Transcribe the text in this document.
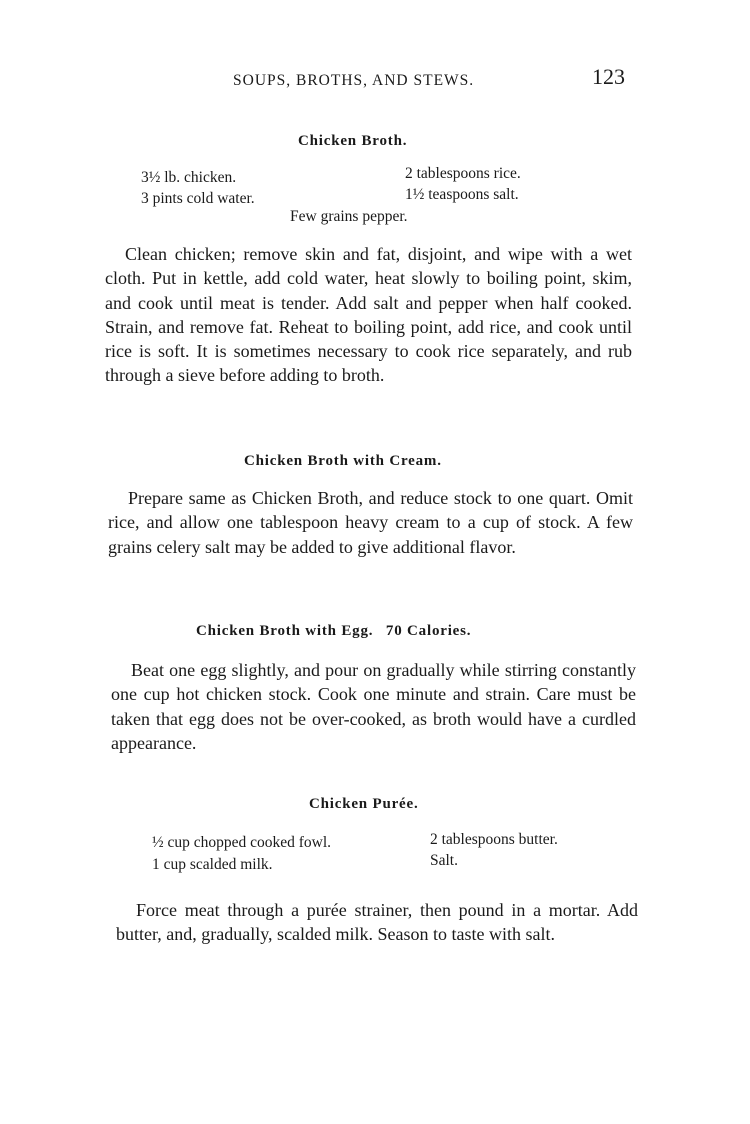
SOUPS, BROTHS, AND STEWS.	123
Chicken Broth.
3½ lb. chicken.
3 pints cold water.
2 tablespoons rice.
1½ teaspoons salt.
Few grains pepper.

Clean chicken; remove skin and fat, disjoint, and wipe with a wet cloth. Put in kettle, add cold water, heat slowly to boiling point, skim, and cook until meat is tender. Add salt and pepper when half cooked. Strain, and remove fat. Reheat to boiling point, add rice, and cook until rice is soft. It is sometimes necessary to cook rice separately, and rub through a sieve before adding to broth.

Chicken Broth with Cream.

Prepare same as Chicken Broth, and reduce stock to one quart. Omit rice, and allow one tablespoon heavy cream to a cup of stock. A few grains celery salt may be added to give additional flavor.

Chicken Broth with Egg. 70 Calories.

Beat one egg slightly, and pour on gradually while stirring constantly one cup hot chicken stock. Cook one minute and strain. Care must be taken that egg does not be over-cooked, as broth would have a curdled appearance.

Chicken Purée.
½ cup chopped cooked fowl.
1 cup scalded milk.
2 tablespoons butter.
Salt.

Force meat through a purée strainer, then pound in a mortar. Add butter, and, gradually, scalded milk. Season to taste with salt.
